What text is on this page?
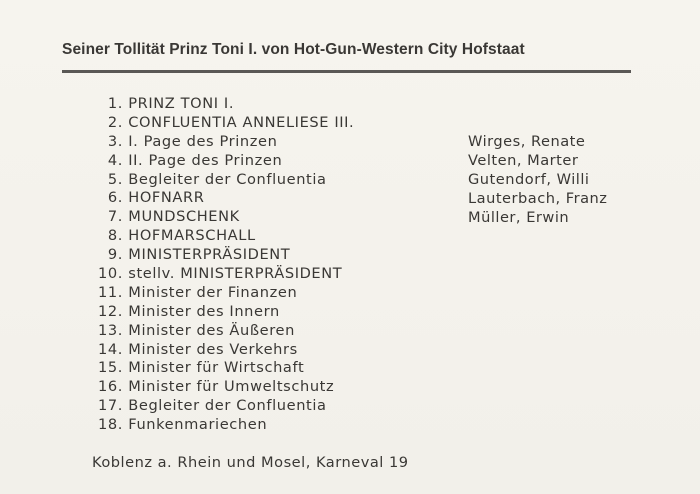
Seiner Tollität Prinz Toni I. von Hot-Gun-Western City Hofstaat
1. PRINZ TONI I.
2. CONFLUENTIA ANNELIESE III.
3. I. Page des Prinzen
4. II. Page des Prinzen
5. Begleiter der Confluentia
6. HOFNARR
7. MUNDSCHENK
8. HOFMARSCHALL
9. MINISTERPRÄSIDENT
10. stellv. MINISTERPRÄSIDENT
11. Minister der Finanzen
12. Minister des Innern
13. Minister des Äußeren
14. Minister des Verkehrs
15. Minister für Wirtschaft
16. Minister für Umweltschutz
17. Begleiter der Confluentia
18. Funkenmariechen
Wirges, Renate
Velten, Marter
Gutendorf, Willi
Lauterbach, Franz
Müller, Erwin
Koblenz a. Rhein und Mosel, Karneval 19
